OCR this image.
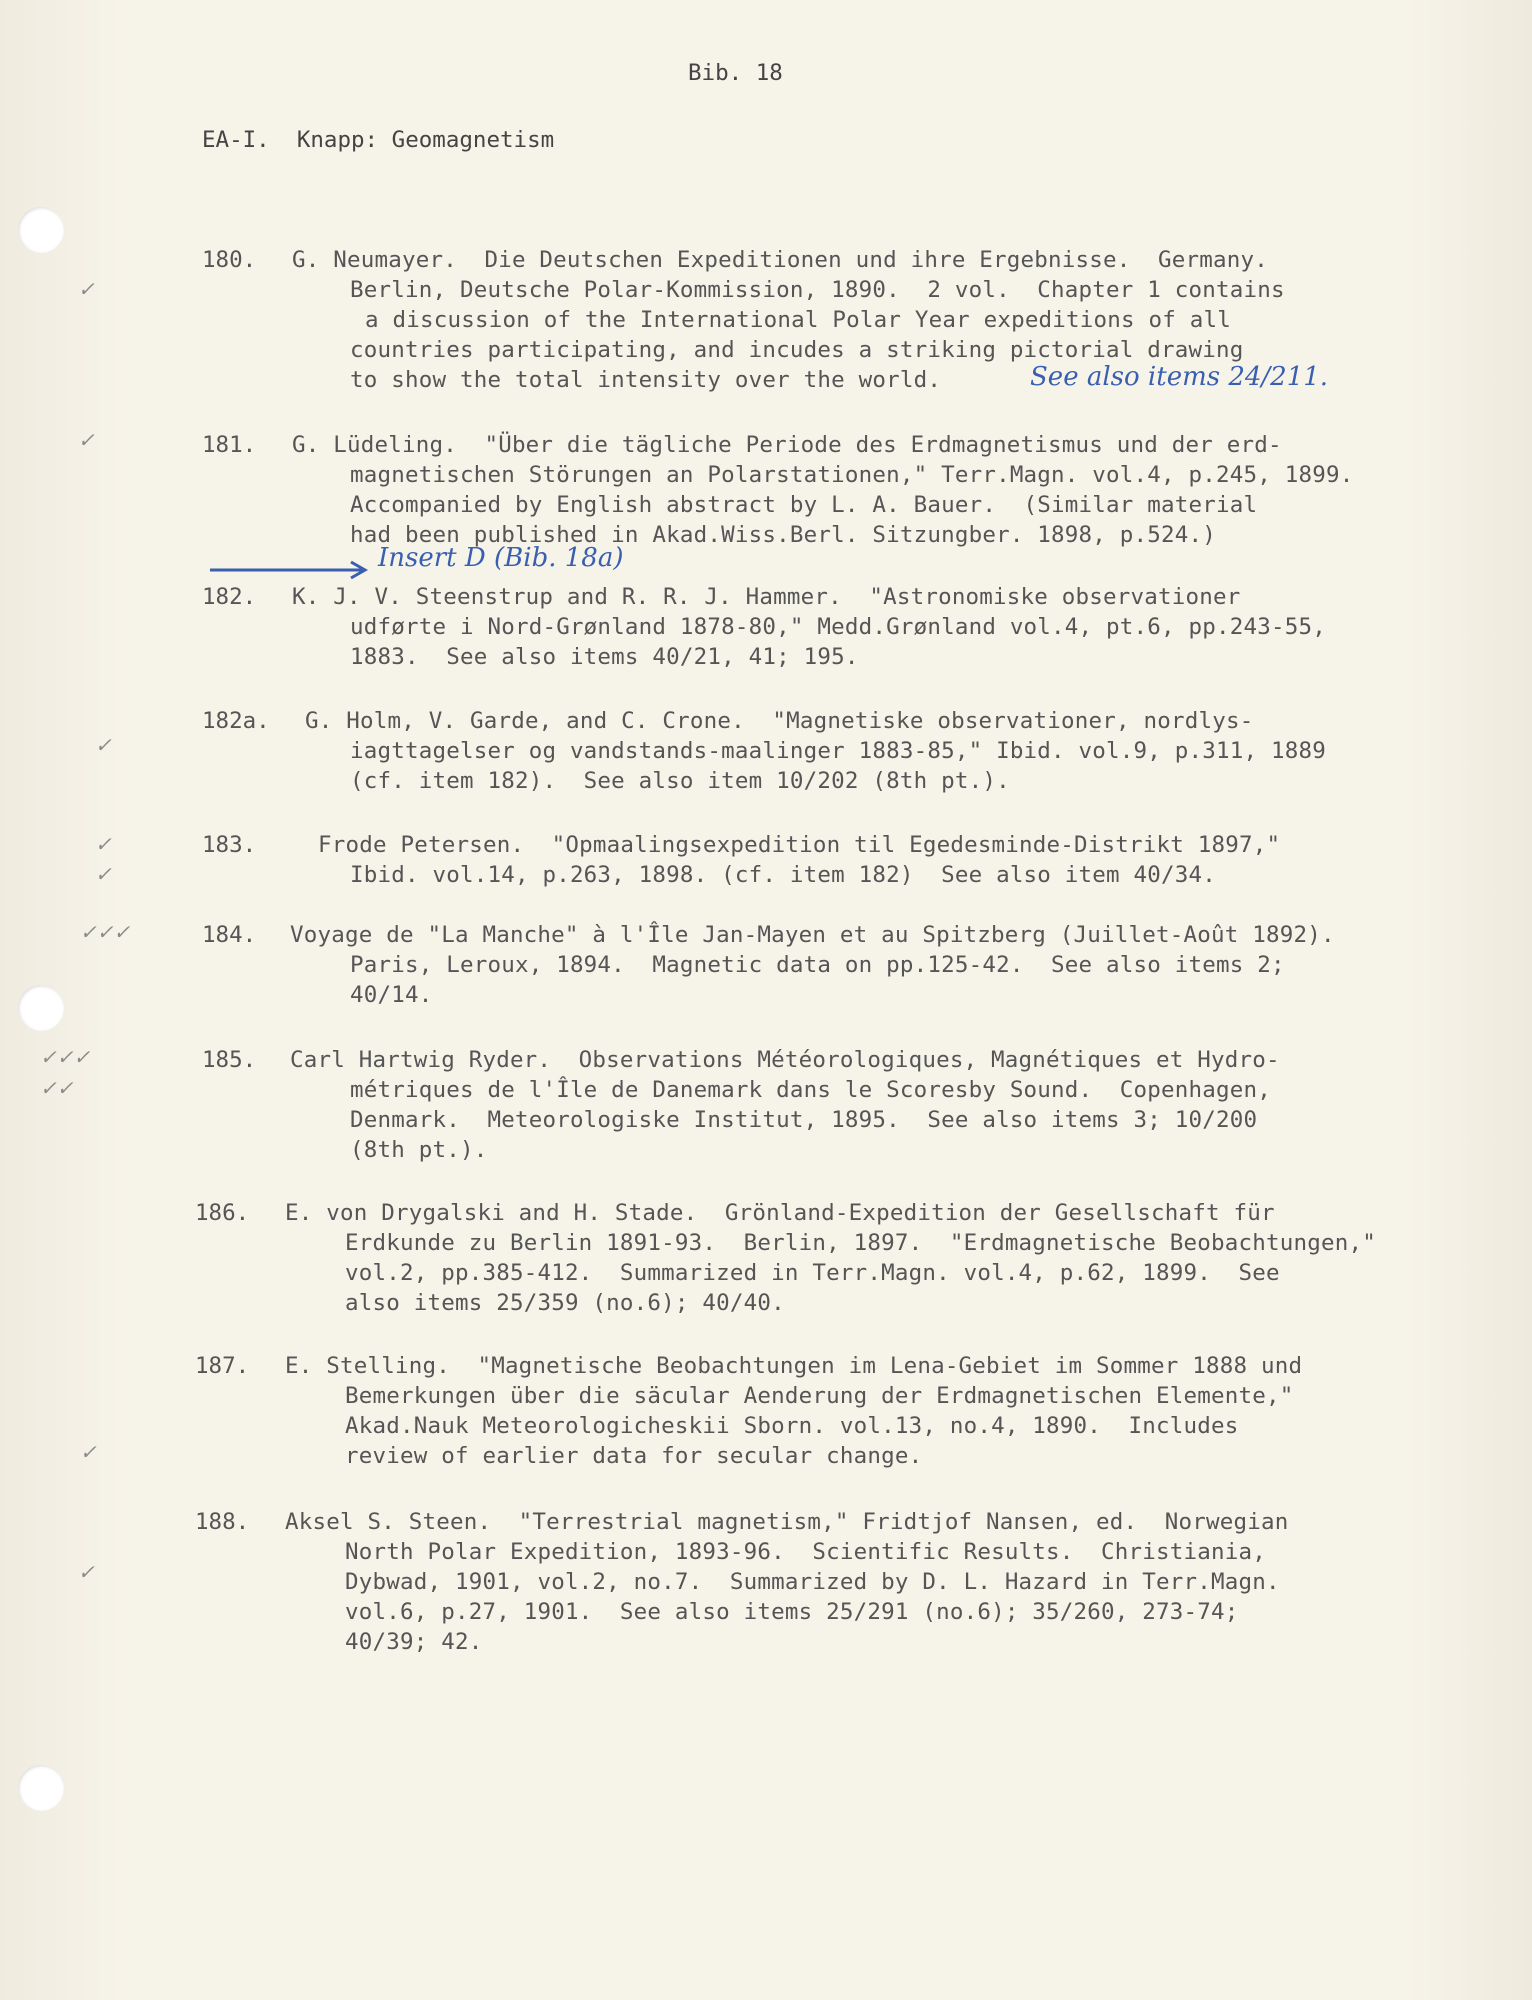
Bib. 18
EA-I.  Knapp: Geomagnetism
✓
✓
✓
✓
✓
✓✓✓
✓✓✓
✓✓
✓
✓
180. G. Neumayer.  Die Deutschen Expeditionen und ihre Ergebnisse.  Germany.
Berlin, Deutsche Polar-Kommission, 1890.  2 vol.  Chapter 1 contains
a discussion of the International Polar Year expeditions of all
countries participating, and incudes a striking pictorial drawing
to show the total intensity over the world.	See also items 24/211.
181. G. Lüdeling.  "Über die tägliche Periode des Erdmagnetismus und der erd-
magnetischen Störungen an Polarstationen," Terr.Magn. vol.4, p.245, 1899.
Accompanied by English abstract by L. A. Bauer.  (Similar material
had been published in Akad.Wiss.Berl. Sitzungber. 1898, p.524.)
Insert D (Bib. 18a)
182. K. J. V. Steenstrup and R. R. J. Hammer.  "Astronomiske observationer
udførte i Nord-Grønland 1878-80," Medd.Grønland vol.4, pt.6, pp.243-55,
1883.  See also items 40/21, 41; 195.
182a. G. Holm, V. Garde, and C. Crone.  "Magnetiske observationer, nordlys-
iagttagelser og vandstands-maalinger 1883-85," Ibid. vol.9, p.311, 1889
(cf. item 182).  See also item 10/202 (8th pt.).
183.	Frode Petersen.  "Opmaalingsexpedition til Egedesminde-Distrikt 1897,"
Ibid. vol.14, p.263, 1898. (cf. item 182)  See also item 40/34.
184. Voyage de "La Manche" à l'Île Jan-Mayen et au Spitzberg (Juillet-Août 1892).
Paris, Leroux, 1894.  Magnetic data on pp.125-42.  See also items 2;
40/14.
185. Carl Hartwig Ryder.  Observations Météorologiques, Magnétiques et Hydro-
métriques de l'Île de Danemark dans le Scoresby Sound.  Copenhagen,
Denmark.  Meteorologiske Institut, 1895.  See also items 3; 10/200
(8th pt.).
186. E. von Drygalski and H. Stade.  Grönland-Expedition der Gesellschaft für
Erdkunde zu Berlin 1891-93.  Berlin, 1897.  "Erdmagnetische Beobachtungen,"
vol.2, pp.385-412.  Summarized in Terr.Magn. vol.4, p.62, 1899.  See
also items 25/359 (no.6); 40/40.
187. E. Stelling.  "Magnetische Beobachtungen im Lena-Gebiet im Sommer 1888 und
Bemerkungen über die säcular Aenderung der Erdmagnetischen Elemente,"
Akad.Nauk Meteorologicheskii Sborn. vol.13, no.4, 1890.  Includes
review of earlier data for secular change.
188. Aksel S. Steen.  "Terrestrial magnetism," Fridtjof Nansen, ed.  Norwegian
North Polar Expedition, 1893-96.  Scientific Results.  Christiania,
Dybwad, 1901, vol.2, no.7.  Summarized by D. L. Hazard in Terr.Magn.
vol.6, p.27, 1901.  See also items 25/291 (no.6); 35/260, 273-74;
40/39; 42.
